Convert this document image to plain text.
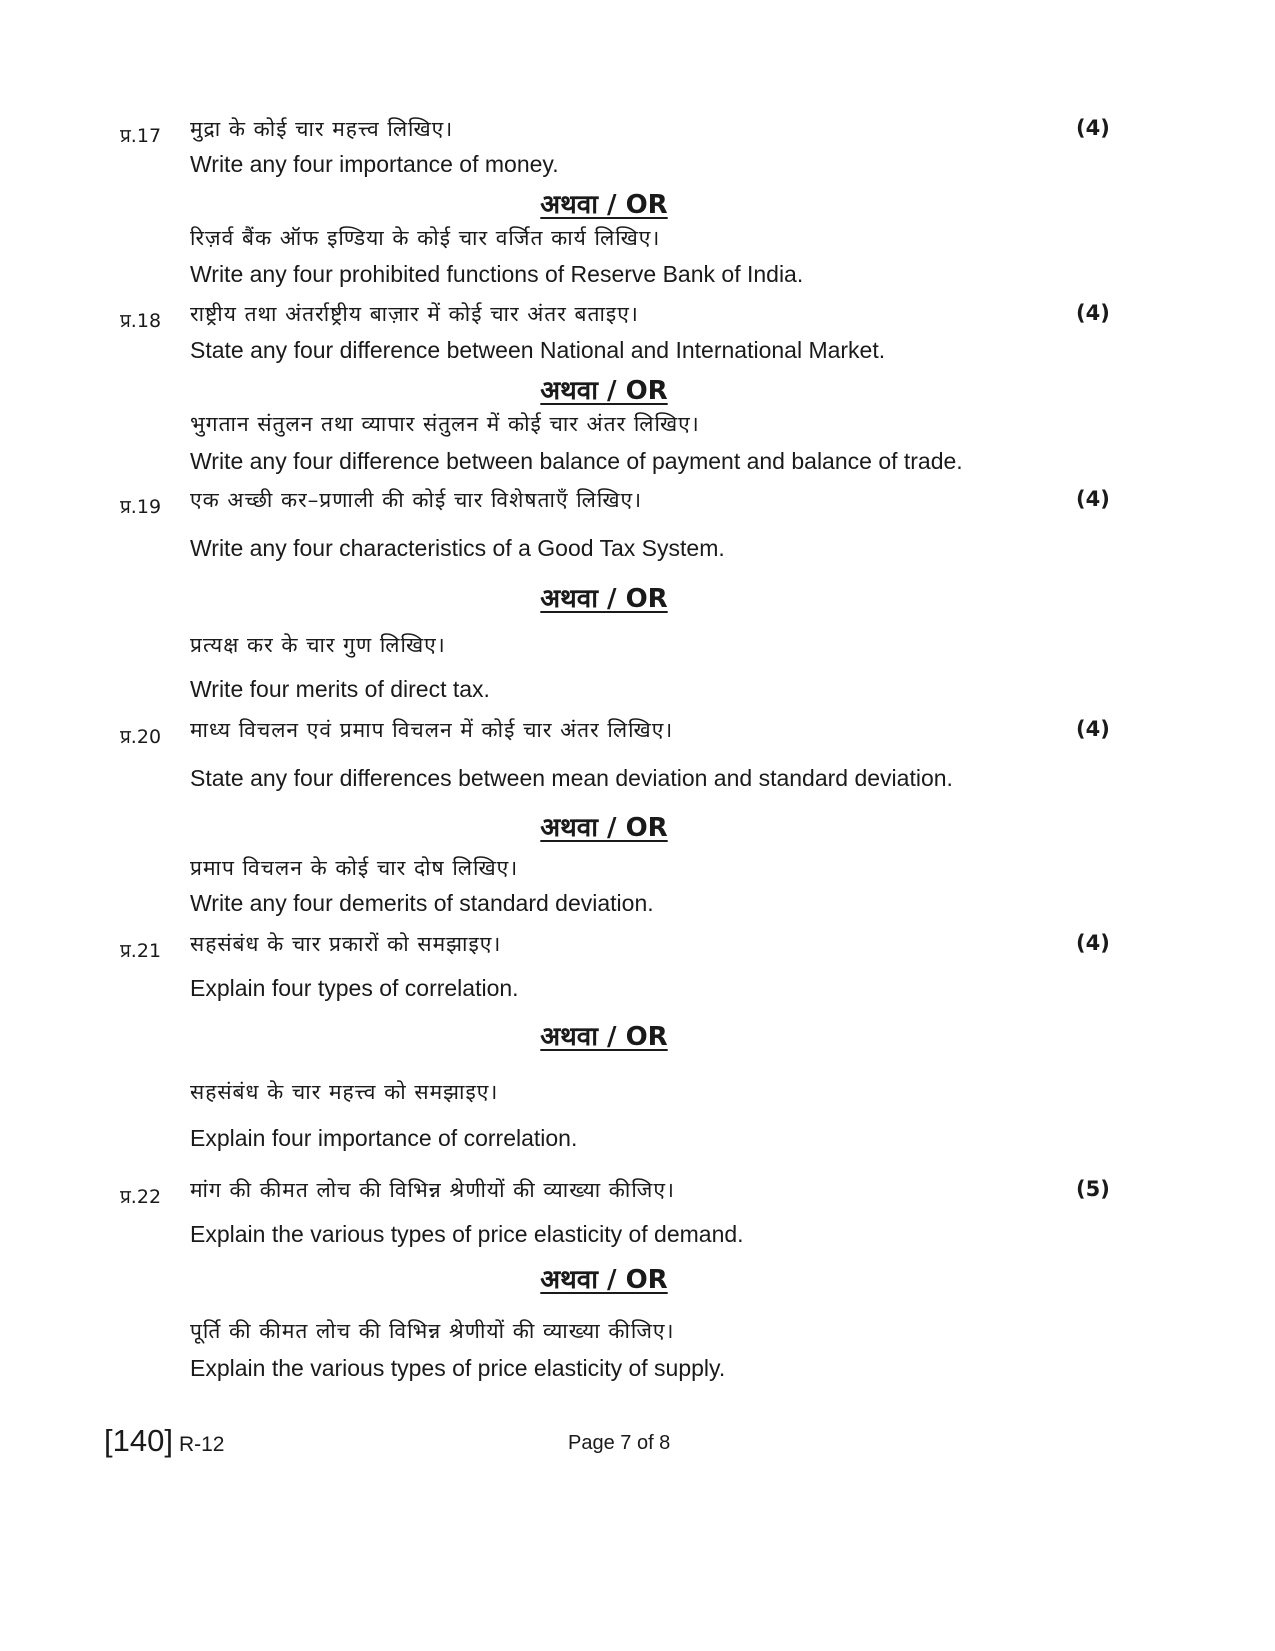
प्र.17 मुद्रा के कोई चार महत्त्व लिखिए।	(4)
Write any four importance of money.
अथवा / OR
रिज़र्व बैंक ऑफ इण्डिया के कोई चार वर्जित कार्य लिखिए।
Write any four prohibited functions of Reserve Bank of India.
प्र.18 राष्ट्रीय तथा अंतर्राष्ट्रीय बाज़ार में कोई चार अंतर बताइए।	(4)
State any four difference between National and International Market.
अथवा / OR
भुगतान संतुलन तथा व्यापार संतुलन में कोई चार अंतर लिखिए।
Write any four difference between balance of payment and balance of trade.
प्र.19 एक अच्छी कर–प्रणाली की कोई चार विशेषताएँ लिखिए।	(4)
Write any four characteristics of a Good Tax System.
अथवा / OR
प्रत्यक्ष कर के चार गुण लिखिए।
Write four merits of direct tax.
प्र.20 माध्य विचलन एवं प्रमाप विचलन में कोई चार अंतर लिखिए।	(4)
State any four differences between mean deviation and standard deviation.
अथवा / OR
प्रमाप विचलन के कोई चार दोष लिखिए।
Write any four demerits of standard deviation.
प्र.21 सहसंबंध के चार प्रकारों को समझाइए।	(4)
Explain four types of correlation.
अथवा / OR
सहसंबंध के चार महत्त्व को समझाइए।
Explain four importance of correlation.
प्र.22 मांग की कीमत लोच की विभिन्न श्रेणीयों की व्याख्या कीजिए।	(5)
Explain the various types of price elasticity of demand.
अथवा / OR
पूर्ति की कीमत लोच की विभिन्न श्रेणीयों की व्याख्या कीजिए।
Explain the various types of price elasticity of supply.
[140] R-12	Page 7 of 8
